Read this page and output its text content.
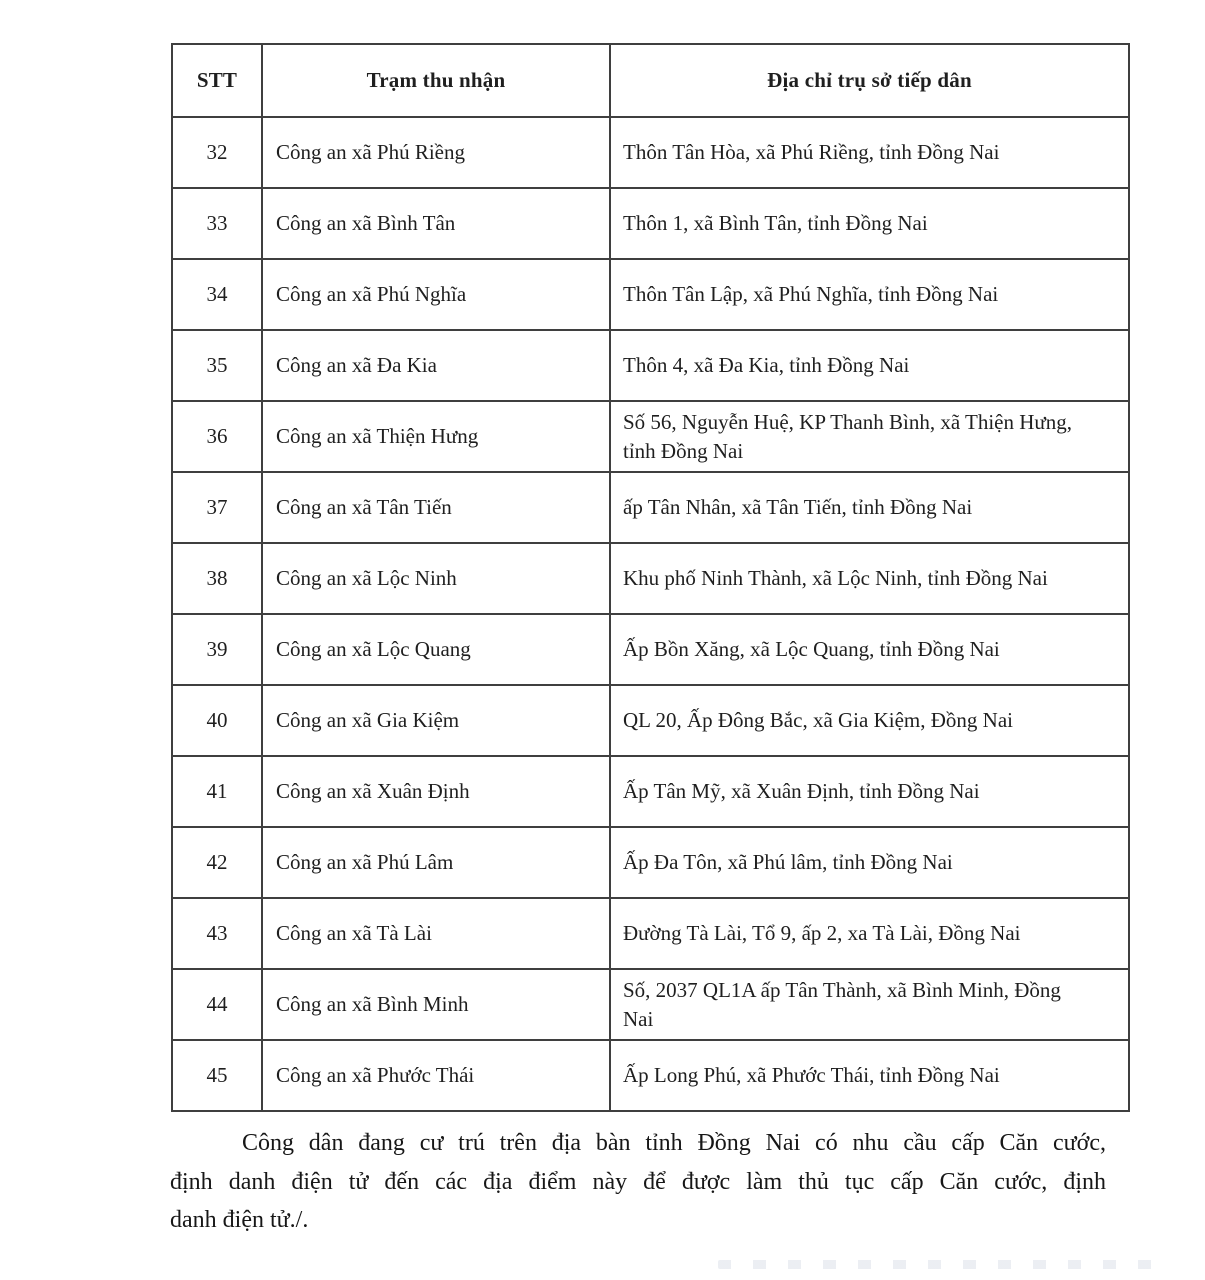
STT	Trạm thu nhận	Địa chỉ trụ sở tiếp dân
32	Công an xã Phú Riềng	Thôn Tân Hòa, xã Phú Riềng, tỉnh Đồng Nai
33	Công an xã Bình Tân	Thôn 1, xã Bình Tân, tỉnh Đồng Nai
34	Công an xã Phú Nghĩa	Thôn Tân Lập, xã Phú Nghĩa, tỉnh Đồng Nai
35	Công an xã Đa Kia	Thôn 4, xã Đa Kia, tỉnh Đồng Nai
36	Công an xã Thiện Hưng	Số 56, Nguyễn Huệ, KP Thanh Bình, xã Thiện Hưng, tỉnh Đồng Nai
37	Công an xã Tân Tiến	ấp Tân Nhân, xã Tân Tiến, tỉnh Đồng Nai
38	Công an xã Lộc Ninh	Khu phố Ninh Thành, xã Lộc Ninh, tỉnh Đồng Nai
39	Công an xã Lộc Quang	Ấp Bồn Xăng, xã Lộc Quang, tỉnh Đồng Nai
40	Công an xã Gia Kiệm	QL 20, Ấp Đông Bắc, xã Gia Kiệm, Đồng Nai
41	Công an xã Xuân Định	Ấp Tân Mỹ, xã Xuân Định, tỉnh Đồng Nai
42	Công an xã Phú Lâm	Ấp Đa Tôn, xã Phú lâm, tỉnh Đồng Nai
43	Công an xã Tà Lài	Đường Tà Lài, Tổ 9, ấp 2, xa Tà Lài, Đồng Nai
44	Công an xã Bình Minh	Số, 2037 QL1A ấp Tân Thành, xã Bình Minh, Đồng Nai
45	Công an xã Phước Thái	Ấp Long Phú, xã Phước Thái, tỉnh Đồng Nai
Công dân đang cư trú trên địa bàn tỉnh Đồng Nai có nhu cầu cấp Căn cước,
định danh điện tử đến các địa điểm này để được làm thủ tục cấp Căn cước, định
danh điện tử./.
